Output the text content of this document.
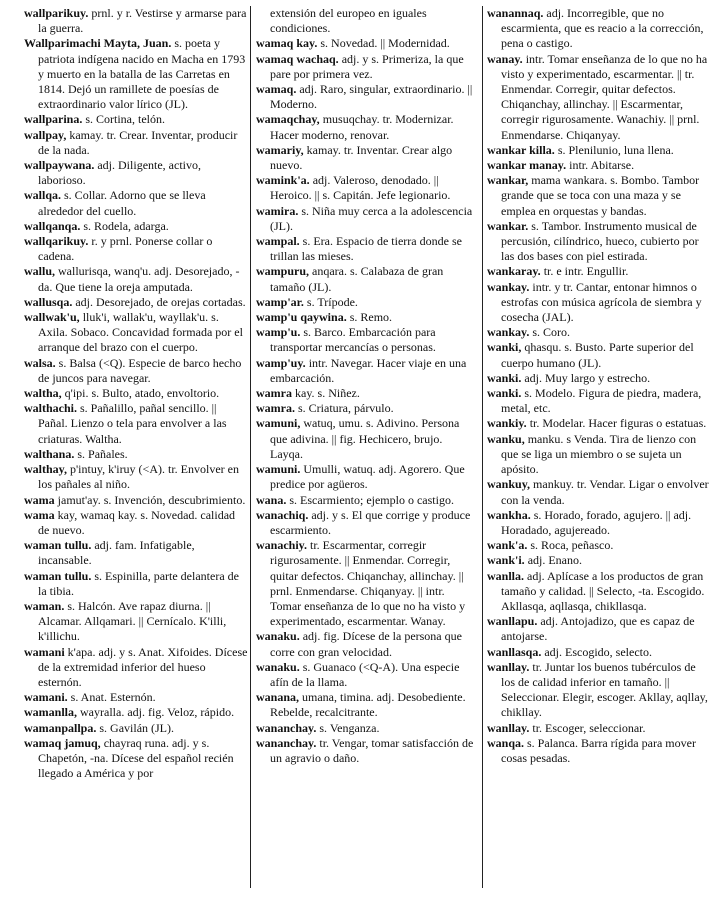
wallparikuy. prnl. y r. Vestirse y armarse para la guerra.

Wallparimachi Mayta, Juan. s. poeta y patriota indígena nacido en Macha en 1793 y muerto en la batalla de las Carretas en 1814. Dejó un ramillete de poesías de extraordinario valor lírico (JL).

wallparina. s. Cortina, telón.

wallpay, kamay. tr. Crear. Inventar, producir de la nada.

wallpaywana. adj. Diligente, activo, laborioso.

wallqa. s. Collar. Adorno que se lleva alrededor del cuello.

wallqanqa. s. Rodela, adarga.

wallqarikuy. r. y prnl. Ponerse collar o cadena.

wallu, wallurisqa, wanq'u. adj. Desorejado, -da. Que tiene la oreja amputada.

wallusqa. adj. Desorejado, de orejas cortadas.

wallwak'u, lluk'i, wallak'u, wayllak'u. s. Axila. Sobaco. Concavidad formada por el arranque del brazo con el cuerpo.

walsa. s. Balsa (<Q). Especie de barco hecho de juncos para navegar.

waltha, q'ipi. s. Bulto, atado, envoltorio.

walthachi. s. Pañalillo, pañal sencillo. || Pañal. Lienzo o tela para envolver a las criaturas. Waltha.

walthana. s. Pañales.

walthay, p'intuy, k'iruy (<A). tr. Envolver en los pañales al niño.

wama jamut'ay. s. Invención, descubrimiento.

wama kay, wamaq kay. s. Novedad. calidad de nuevo.

waman tullu. adj. fam. Infatigable, incansable.

waman tullu. s. Espinilla, parte delantera de la tibia.

waman. s. Halcón. Ave rapaz diurna. || Alcamar. Allqamari. || Cernícalo. K'illi, k'illichu.

wamani k'apa. adj. y s. Anat. Xifoides. Dícese de la extremidad inferior del hueso esternón.

wamani. s. Anat. Esternón.

wamanlla, wayralla. adj. fig. Veloz, rápido.

wamanpallpa. s. Gavilán (JL).

wamaq jamuq, chayraq runa. adj. y s. Chapetón, -na. Dícese del español recién llegado a América y por

extensión del europeo en iguales condiciones.

wamaq kay. s. Novedad. || Modernidad.

wamaq wachaq. adj. y s. Primeriza, la que pare por primera vez.

wamaq. adj. Raro, singular, extraordinario. || Moderno.

wamaqchay, musuqchay. tr. Modernizar. Hacer moderno, renovar.

wamariy, kamay. tr. Inventar. Crear algo nuevo.

wamink'a. adj. Valeroso, denodado. || Heroico. || s. Capitán. Jefe legionario.

wamira. s. Niña muy cerca a la adolescencia (JL).

wampal. s. Era. Espacio de tierra donde se trillan las mieses.

wampuru, anqara. s. Calabaza de gran tamaño (JL).

wamp'ar. s. Trípode.

wamp'u qaywina. s. Remo.

wamp'u. s. Barco. Embarcación para transportar mercancías o personas.

wamp'uy. intr. Navegar. Hacer viaje en una embarcación.

wamra kay. s. Niñez.

wamra. s. Criatura, párvulo.

wamuni, watuq, umu. s. Adivino. Persona que adivina. || fig. Hechicero, brujo. Layqa.

wamuni. Umulli, watuq. adj. Agorero. Que predice por agüeros.

wana. s. Escarmiento; ejemplo o castigo.

wanachiq. adj. y s. El que corrige y produce escarmiento.

wanachiy. tr. Escarmentar, corregir rigurosamente. || Enmendar. Corregir, quitar defectos. Chiqanchay, allinchay. || prnl. Enmendarse. Chiqanyay. || intr. Tomar enseñanza de lo que no ha visto y experimentado, escarmentar. Wanay.

wanaku. adj. fig. Dícese de la persona que corre con gran velocidad.

wanaku. s. Guanaco (<Q-A). Una especie afín de la llama.

wanana, umana, timina. adj. Desobediente. Rebelde, recalcitrante.

wananchay. s. Venganza.

wananchay. tr. Vengar, tomar satisfacción de un agravio o daño.

wanannaq. adj. Incorregible, que no escarmienta, que es reacio a la corrección, pena o castigo.

wanay. intr. Tomar enseñanza de lo que no ha visto y experimentado, escarmentar. || tr. Enmendar. Corregir, quitar defectos. Chiqanchay, allinchay. || Escarmentar, corregir rigurosamente. Wanachiy. || prnl. Enmendarse. Chiqanyay.

wankar killa. s. Plenilunio, luna llena.

wankar manay. intr. Abitarse.

wankar, mama wankara. s. Bombo. Tambor grande que se toca con una maza y se emplea en orquestas y bandas.

wankar. s. Tambor. Instrumento musical de percusión, cilíndrico, hueco, cubierto por las dos bases con piel estirada.

wankaray. tr. e intr. Engullir.

wankay. intr. y tr. Cantar, entonar himnos o estrofas con música agrícola de siembra y cosecha (JAL).

wankay. s. Coro.

wanki, qhasqu. s. Busto. Parte superior del cuerpo humano (JL).

wanki. adj. Muy largo y estrecho.

wanki. s. Modelo. Figura de piedra, madera, metal, etc.

wankiy. tr. Modelar. Hacer figuras o estatuas.

wanku, manku. s Venda. Tira de lienzo con que se liga un miembro o se sujeta un apósito.

wankuy, mankuy. tr. Vendar. Ligar o envolver con la venda.

wankha. s. Horado, forado, agujero. || adj. Horadado, agujereado.

wank'a. s. Roca, peñasco.

wank'i. adj. Enano.

wanlla. adj. Aplícase a los productos de gran tamaño y calidad. || Selecto, -ta. Escogido. Akllasqa, aqllasqa, chikllasqa.

wanllapu. adj. Antojadizo, que es capaz de antojarse.

wanllasqa. adj. Escogido, selecto.

wanllay. tr. Juntar los buenos tubérculos de los de calidad inferior en tamaño. || Seleccionar. Elegir, escoger. Akllay, aqllay, chikllay.

wanllay. tr. Escoger, seleccionar.

wanqa. s. Palanca. Barra rígida para mover cosas pesadas.
